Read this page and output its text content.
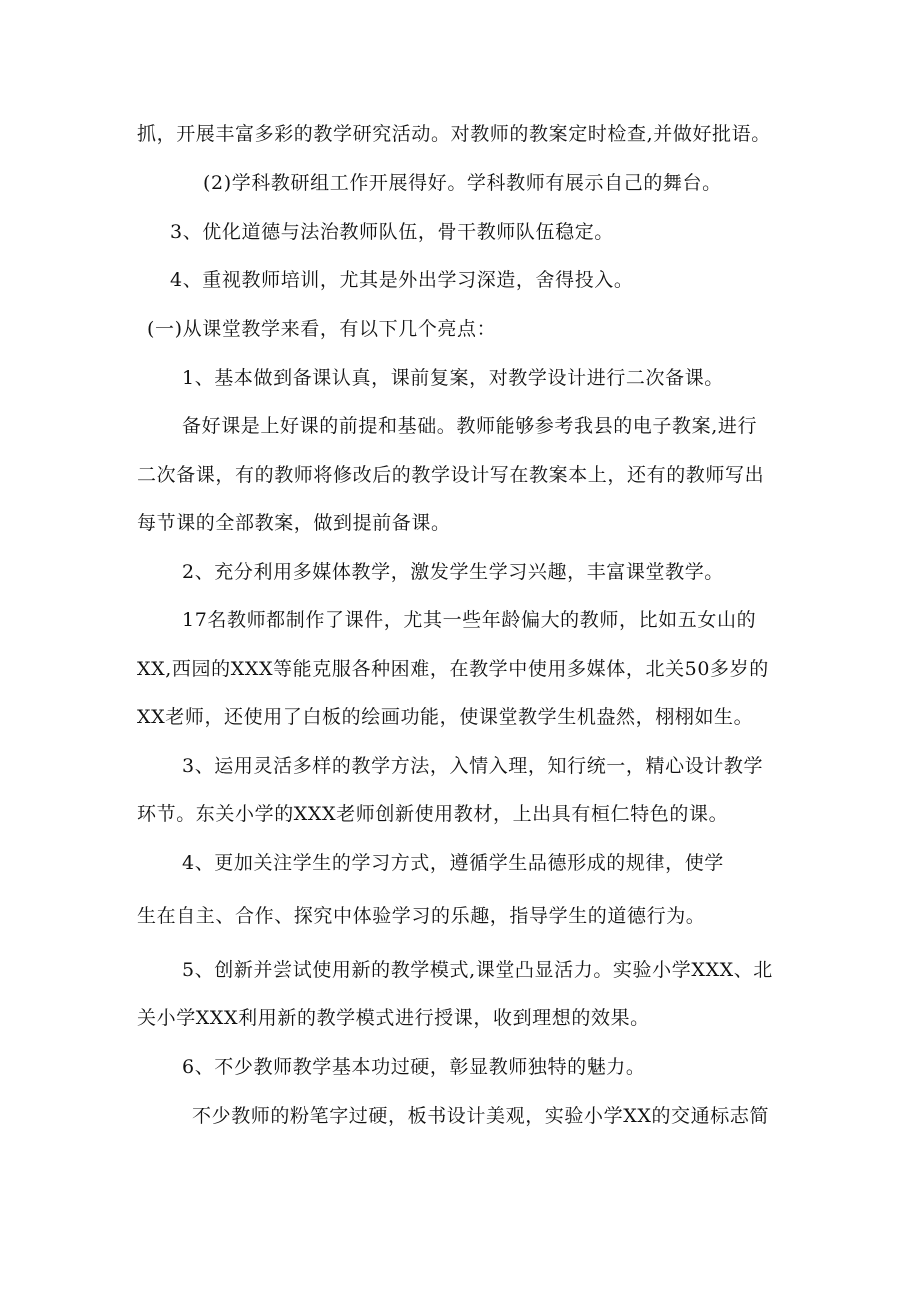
抓，开展丰富多彩的教学研究活动。对教师的教案定时检查,并做好批语。
(2)学科教研组工作开展得好。学科教师有展示自己的舞台。
3、优化道德与法治教师队伍，骨干教师队伍稳定。
4、重视教师培训，尤其是外出学习深造，舍得投入。
(一)从课堂教学来看，有以下几个亮点：
1、基本做到备课认真，课前复案，对教学设计进行二次备课。
备好课是上好课的前提和基础。教师能够参考我县的电子教案,进行
二次备课，有的教师将修改后的教学设计写在教案本上，还有的教师写出
每节课的全部教案，做到提前备课。
2、充分利用多媒体教学，激发学生学习兴趣，丰富课堂教学。
17名教师都制作了课件，尤其一些年龄偏大的教师，比如五女山的
XX,西园的XXX等能克服各种困难，在教学中使用多媒体，北关50多岁的
XX老师，还使用了白板的绘画功能，使课堂教学生机盎然，栩栩如生。
3、运用灵活多样的教学方法，入情入理，知行统一，精心设计教学
环节。东关小学的XXX老师创新使用教材，上出具有桓仁特色的课。
4、更加关注学生的学习方式，遵循学生品德形成的规律，使学
生在自主、合作、探究中体验学习的乐趣，指导学生的道德行为。
5、创新并尝试使用新的教学模式,课堂凸显活力。实验小学XXX、北
关小学XXX利用新的教学模式进行授课，收到理想的效果。
6、不少教师教学基本功过硬，彰显教师独特的魅力。
不少教师的粉笔字过硬，板书设计美观，实验小学XX的交通标志简
